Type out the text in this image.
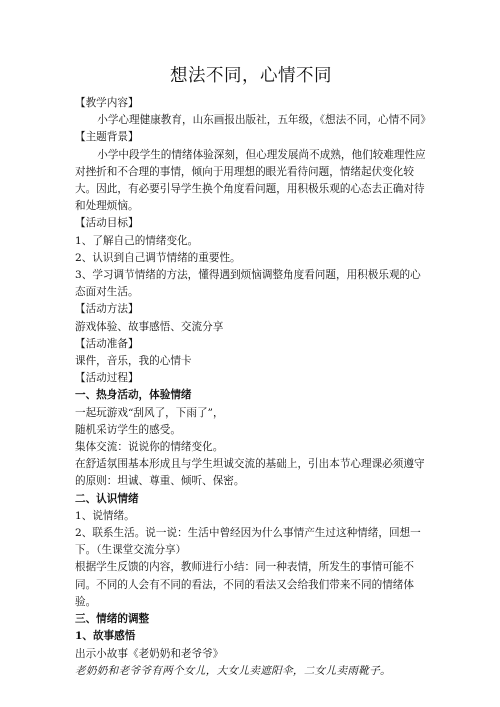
想法不同，心情不同

【教学内容】

小学心理健康教育，山东画报出版社，五年级，《想法不同，心情不同》

【主题背景】

小学中段学生的情绪体验深刻，但心理发展尚不成熟，他们较难理性应对挫折和不合理的事情，倾向于用理想的眼光看待问题，情绪起伏变化较大。因此，有必要引导学生换个角度看问题，用积极乐观的心态去正确对待和处理烦恼。

【活动目标】

1、了解自己的情绪变化。

2、认识到自己调节情绪的重要性。

3、学习调节情绪的方法，懂得遇到烦恼调整角度看问题，用积极乐观的心态面对生活。

【活动方法】

游戏体验、故事感悟、交流分享

【活动准备】

课件，音乐，我的心情卡

【活动过程】

一、热身活动，体验情绪

一起玩游戏“刮风了，下雨了”，

随机采访学生的感受。

集体交流：说说你的情绪变化。

在舒适氛围基本形成且与学生坦诚交流的基础上，引出本节心理课必须遵守的原则：坦诚、尊重、倾听、保密。

二、认识情绪

1、说情绪。

2、联系生活。说一说：生活中曾经因为什么事情产生过这种情绪，回想一下。（生课堂交流分享）

根据学生反馈的内容，教师进行小结：同一种表情，所发生的事情可能不同。不同的人会有不同的看法，不同的看法又会给我们带来不同的情绪体验。

三、情绪的调整

1、故事感悟

出示小故事《老奶奶和老爷爷》

老奶奶和老爷爷有两个女儿，大女儿卖遮阳伞，二女儿卖雨靴子。
